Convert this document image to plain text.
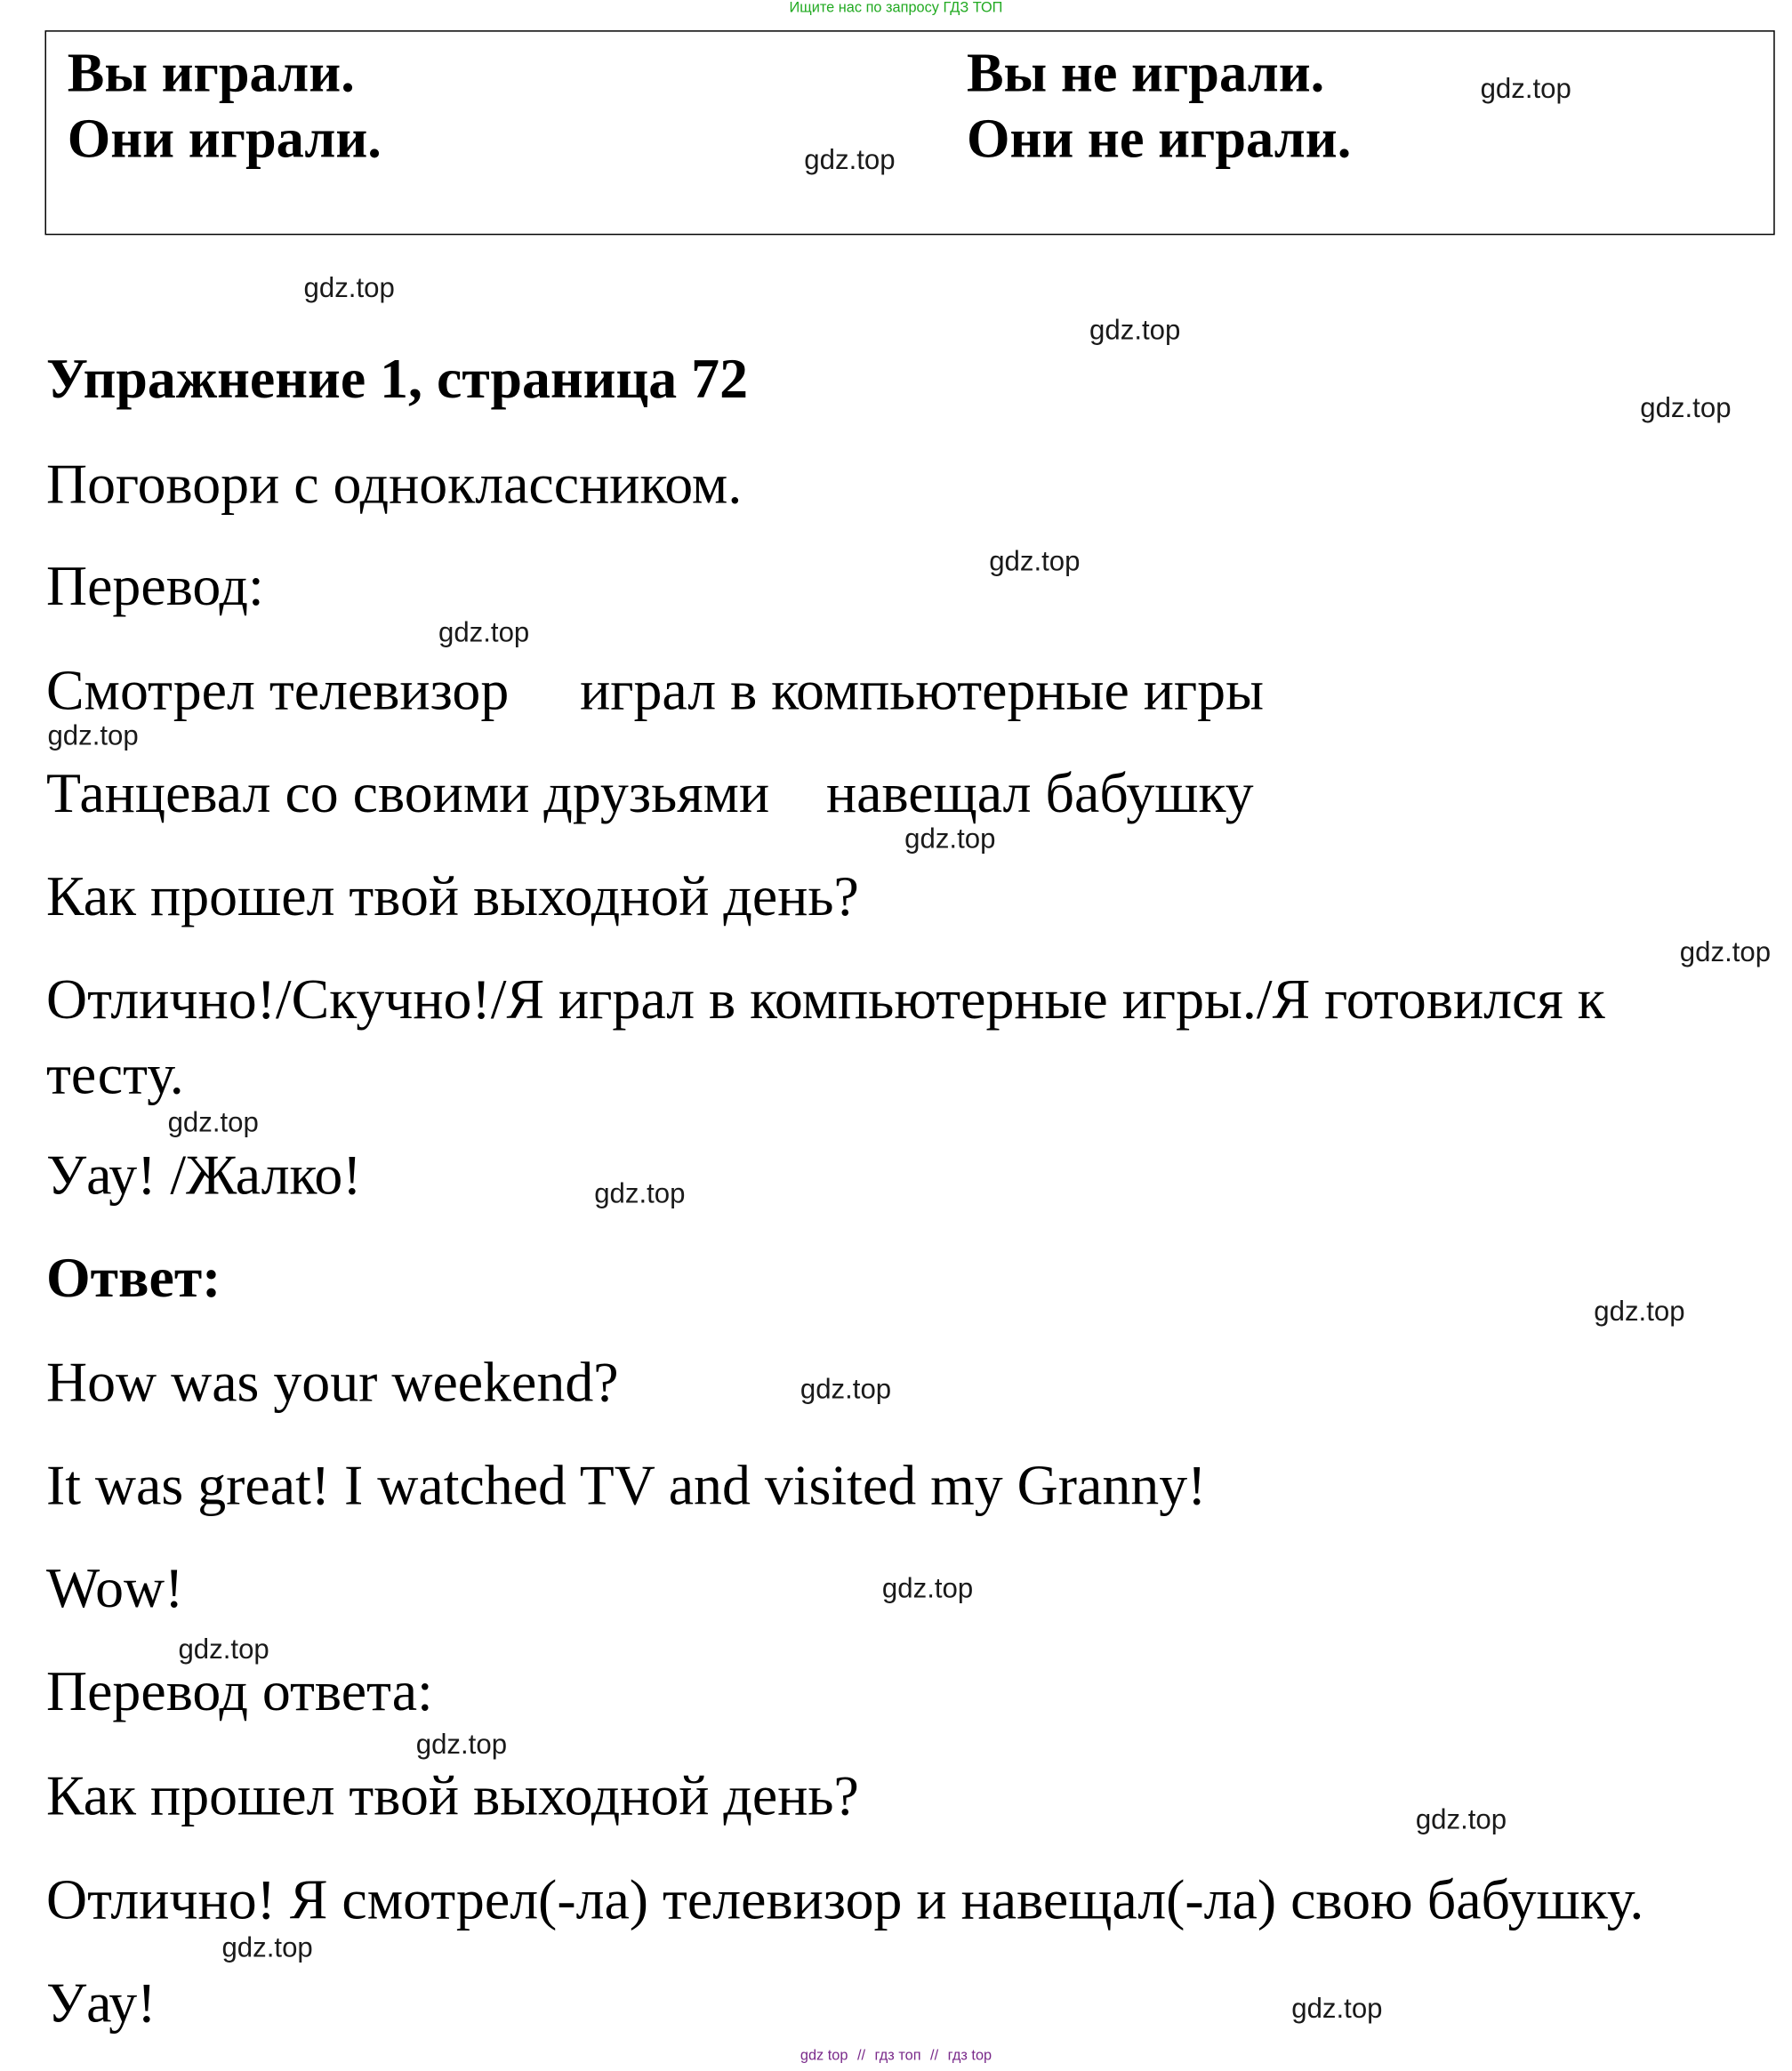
Ищите нас по запросу ГДЗ ТОП
Вы играли.
Они играли.
Вы не играли.
Они не играли.
Упражнение 1, страница 72
Поговори с одноклассником.
Перевод:
Смотрел телевизор     играл в компьютерные игры
Танцевал со своими друзьями    навещал бабушку
Как прошел твой выходной день?
Отлично!/Скучно!/Я играл в компьютерные игры./Я готовился к
тесту.
Уау! /Жалко!
Ответ:
How was your weekend?
It was great! I watched TV and visited my Granny!
Wow!
Перевод ответа:
Как прошел твой выходной день?
Отлично! Я смотрел(-ла) телевизор и навещал(-ла) свою бабушку.
Уау!
gdz.top
gdz.top
gdz.top
gdz.top
gdz.top
gdz.top
gdz.top
gdz.top
gdz.top
gdz.top
gdz.top
gdz.top
gdz.top
gdz.top
gdz.top
gdz.top
gdz.top
gdz.top
gdz.top
gdz.top
gdz top // гдз топ // гдз top
